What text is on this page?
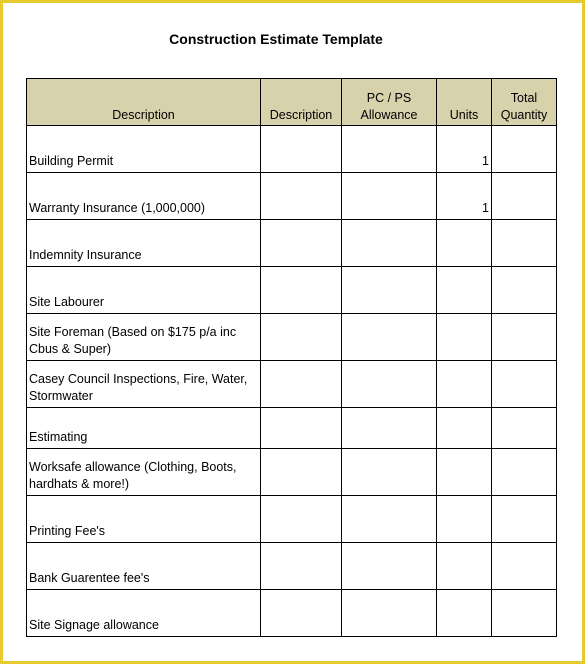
Construction Estimate Template
Description	Description	PC / PS Allowance	Units	Total Quantity
Building Permit			1	
Warranty Insurance (1,000,000)			1	
Indemnity Insurance				
Site Labourer				
Site Foreman (Based on $175 p/a inc Cbus & Super)				
Casey Council Inspections, Fire, Water, Stormwater				
Estimating				
Worksafe allowance (Clothing, Boots, hardhats & more!)				
Printing Fee's				
Bank Guarentee fee's				
Site Signage allowance				
